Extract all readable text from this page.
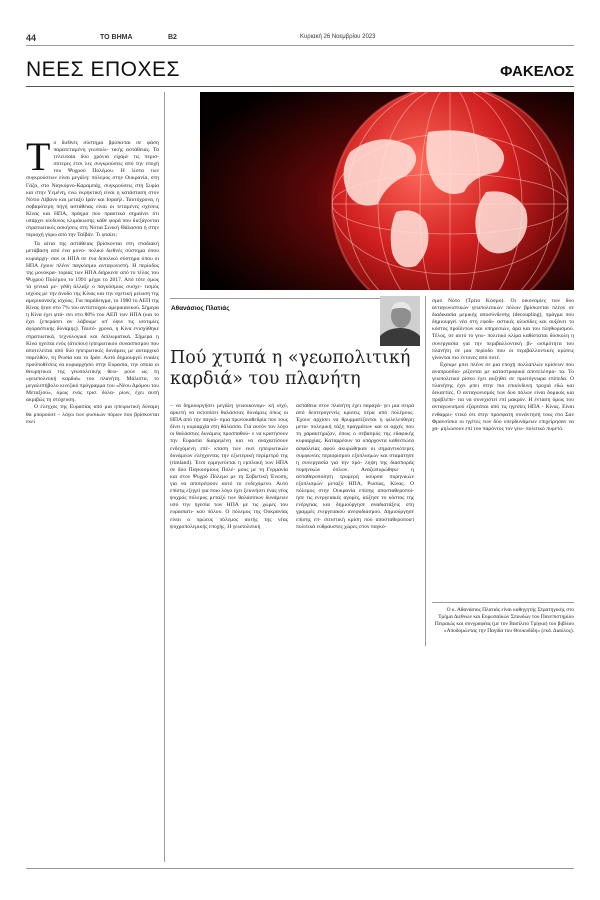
44	ΤΟ ΒΗΜΑ	Β2	Κυριακή 26 Νοεμβρίου 2023
ΝΕΕΣ ΕΠΟΧΕΣ	ΦΑΚΕΛΟΣ

Το διεθνές σύστημα βρίσκεται σε φάση παρατεταμένη γεωπολι- τικής αστάθειας. Τα τελευταία δύο χρόνια είχαμε τις περισ- σότερες έτσι λες συγκρούσεις από την εποχή του Ψυχρού Πολέμου. Η λίστα των συγκρούσεων είναι μεγάλη: πόλεμος στην Ουκρανία, στη Γάζα, στο Ναγκόρνο-Καραμπάχ, συγκρούσεις στη Συρία και στην Υεμένη, ενώ εκρηκτική είναι η κατάσταση στον Νότιο Λίβανο και μεταξύ Ιράν και Ισραήλ. Ταυτόχρονα, η σοβαρότερη πηγή αστάθειας είναι οι τεταμένες σχέσεις Κίνας και ΗΠΑ, πράγμα που πρακτικά σημαίνει ότι υπάρχει κίνδυνος κλιμάκωσης κάθε φορά που διεξάγονται στρατιωτικές ασκήσεις στη Νότια Σινική Θάλασσα ή στην περιοχή γύρω από την Ταϊβάν. Τι φταίει;

Τα αίτια της αστάθειας βρίσκονται στη σταδιακή μετάβαση από ένα μονο- πολικό διεθνές σύστημα όπου κυριάρχη- σαν οι ΗΠΑ σε ένα διπολικό σύστημα όπου οι ΗΠΑ έχουν πλέον παγκόσμιο ανταγωνιστή. Η περίοδος της μονοκρα- τορίας των ΗΠΑ διήρκεσε από το τέλος του Ψυχρού Πολέμου το 1991 μέχρι το 2017. Από τότε όμως τα γενικά με- γέθη άλλαξε ο παγκόσμιος συσχε- τισμός ισχύος με την άνοδο της Κίνας και την σχετική μείωση της αμερικανικής ισχύος. Για παράδειγμα, το 1980 το ΑΕΠ της Κίνας ήταν στο 7% του αντίστοιχου αμερικανικού. Σήμερα η Κίνα έχει φτά- σει στο 80% του ΑΕΠ των ΗΠΑ (και το έχει ξεπεράσει αν λάβουμε υπ' όψιν τις ισοτιμίες αγοραστικής δύναμης). Ταυτό- χρονα, η Κίνα ενισχύθηκε στρατιωτικά, τεχνολογικά και διπλωματικά. Σήμερα η Κίνα ηγείται ενός (άτυπου) ηπειρωτικού συνασπισμού που αποτελείται από δύο ηπειρωτικές δυνάμεις με αυταρχικό παρελθόν, τη Ρωσία και το Ιράν. Αυτό δημιουργεί ενιαίες προϋποθέσεις να κυριαρχήσει στην Ευρασία, την οποία οι θεωρητικοί της γεωπολιτικής θεω- ρούν ως τη «γεωπολιτική καρδιά» του πλανήτη. Μάλιστα, το μεγαλεπήβολο κινεζικό πρόγραμμα του «Νέου Δρόμου του Μεταξιού», όμως ενός τρισ. δολα- ρίων, έχει αυτή ακριβώς τη στόχευση.

Ο έλεγχος της Ευρασίας από μια ηπειρωτική δύναμη θα μπορούσε – λόγω των φυσικών πόρων που βρίσκονται εκεί

Αθανάσιος Πλατιάς
Πού χτυπά η «γεωπολιτική καρδιά» του πλανήτη

– να δημιουργήσει μεγάλη γεωοικονομι- κή ισχύ, αρκετή να εκτοπίσει θαλάσσιες δυνάμεις όπως οι ΗΠΑ από την παγκό- σμια πρωτοκαθεδρία που τους δίνει η κυριαρχία στη θάλασσα. Για αυτόν τον λόγο οι θαλάσσιες δυνάμεις προσπαθού- ν να κρατήσουν την Ευρασία διαιρεμένη και να αναχαιτίσουν ενδεχόμενη επέ- κταση των εκεί ηπειρωτικών δυνάμεων ελέγχοντας την εξωτερική περίμετρό της (rimland). Έτσι ερμηνεύεται η εμπλοκή των ΗΠΑ σε δύο Παγκοσμίους Πολέ- μους με τη Γερμανία και στον Ψυχρό Πόλεμο με τη Σοβιετική Ένωση, για να αποτρέψουν αυτό το ενδεχόμενο. Αυτό επίσης εξηγεί για ποιο λόγο έχει ξεκινήσει ένας νέος ψυχρός πόλεμος μεταξύ των θαλάσσιων δυνάμεων υπό την ηγεσία των ΗΠΑ με τις χώρες του ευρασιατι- κού πόλου. Ο πόλεμος της Ουκρανίας είναι ο πρώτος πόλεμος αυτής της νέας ψυχροπολεμικής εποχής. Η γεωπολιτική

αστάθεια στον πλανήτη έχει παραγά- γει μια σειρά από δευτερογενείς κρίσεις πέρα από πολέμους. Έχουν αρχίσει να θρυμματίζονται η φιλελεύθερη μετα- πολεμική τάξη πραγμάτων και οι αρχές που τη χαρακτήριζαν, όπως ο σεβασμός της εδαφικής κυριαρχίας. Καταρρέουν τα υπάρχοντα καθεστώτα ασφαλείας αφού ακυρώθηκαν οι σημαντικότερες συμφωνίες περιορισμού εξοπλισμών και σταμάτησε η συνεργασία για την πρό- ληψη της διασποράς πυρηνικών όπλων. Αναζωπυρώθηκε η ασταθεροποίητη τρομερή κούρσα πυρηνικών εξοπλισμών μεταξύ ΗΠΑ, Ρωσίας, Κίνας. Ο πόλεμος στην Ουκρανία επίσης αποσταθεροποί- ησε τις ενεργειακές αγορές, αύξησε το κόστος της ενέργειας και δημιούργησε αναδιατάξεις στη γραμμές ενεργειακού ανεφοδιασμού. Δημιούργησε επίσης επ- σιτιστική κρίση που αποσταθεροποιεί πολιτικά εύθραυστες χώρες στον παγκό-

σμιο Νότο (Τρίτο Κόσμο). Οι οικονομίες των δύο ανταγωνιστικών γεωπολιτικών πόλων βρίσκονται πλέον σε διαδικασία μερικής αποσύνδεσης (decoupling), πράγμα που δημιουργεί νέα στη εφοδι- αστικές αλυσίδες και αυξάνει το κόστος προϊόντων και υπηρεσιών, άρα και του πληθωρισμού. Τέλος, σε αυτό το γεω- πολιτικό κλίμα καθίσταται δύσκολη η συνεργασία για την περιβαλλοντική βι- ωσιμότητα του πλανήτη σε μια περίοδο που οι περιβαλλοντικές κρίσεις γίνονται πιο έντονες από ποτέ.

Εχουμε μπει πλέον σε μια εποχή πολλαπλών κρίσεων που αναπροσδιο- ρίζονται με καταστροφικά αποτελέσμα- τα. Το γεωπολιτικό ρίσκο έχει αυξηθεί σε πρωτόγνωρα επίπεδα. Ο πλανήτης έχει μπει στην πιο επικίνδυνη τροχιά εδώ και δεκαετίες. Ο ανταγωνισμός των δυο πόλων είναι δομικός και προβλέπε- ται να συνεχιστεί επί μακρόν. Η ένταση όμως του ανταγωνισμού εξαρτάται από τις ηγεσίες ΗΠΑ - Κίνας. Είναι ενθαρρυ- ντικό ότι στην πρόσφατη συνάντησή τους στο Σαν Φρανσίσκο οι ηγέτες των δύο υπερδυνάμεων επιχείρησαν να χα- μηλώσουν επί του παρόντος τον γεω- πολιτικό πυρετό.

Ο κ. Αθανάσιος Πλατιάς είναι καθηγητής Στρατηγικής στο Τμήμα Διεθνών και Ευρωπαϊκών Σπουδών του Πανεπιστημίου Πειραιώς και συνγραφέας (με τον Βασίλειο Τρίγκα) του βιβλίου «Αποδομώντας την Παγίδα του Θουκυδίδη» (εκδ. Διαύλος).
